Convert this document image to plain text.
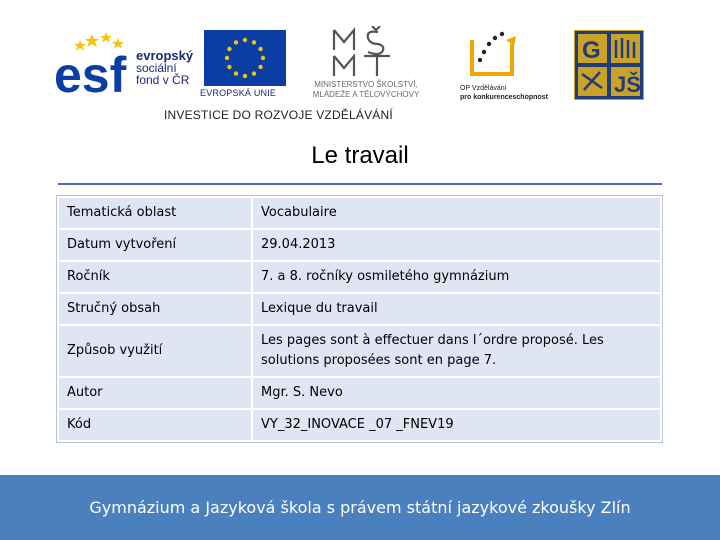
esf evropský
sociální
fond v ČR
EVROPSKÁ UNIE
MINISTERSTVO ŠKOLSTVÍ,
MLÁDEŽE A TĚLOVÝCHOVY
OP Vzdělávání
pro konkurenceschopnost
G
JŠ
INVESTICE DO ROZVOJE VZDĚLÁVÁNÍ
Le travail
Tematická oblast	Vocabulaire
Datum vytvoření	29.04.2013
Ročník	7. a 8. ročníky osmiletého gymnázium
Stručný obsah	Lexique du travail
Způsob využití	Les pages sont à effectuer dans l´ordre proposé. Les solutions proposées sont en page 7.
Autor	Mgr. S. Nevo
Kód	VY_32_INOVACE _07 _FNEV19
Gymnázium a Jazyková škola s právem státní jazykové zkoušky Zlín
